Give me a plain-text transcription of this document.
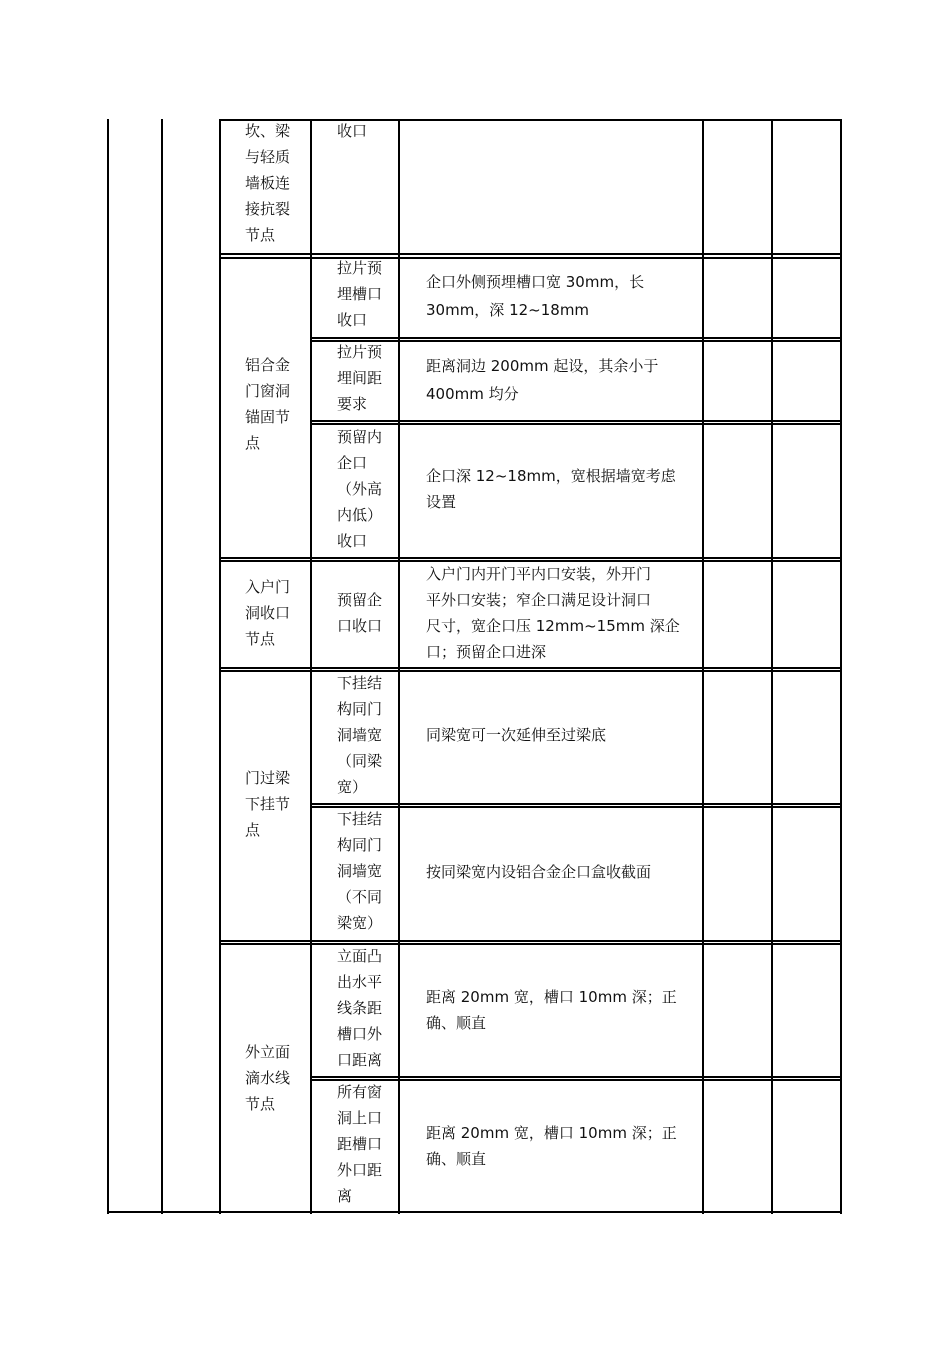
坎、梁
与轻质
墙板连
接抗裂
节点
收口
铝合金
门窗洞
锚固节
点
拉片预
埋槽口
收口
企口外侧预埋槽口宽 30mm，长
30mm，深 12~18mm
拉片预
埋间距
要求
距离洞边 200mm 起设，其余小于
400mm 均分
预留内
企口
（外高
内低）
收口
企口深 12~18mm，宽根据墙宽考虑
设置
入户门
洞收口
节点
预留企
口收口
入户门内开门平内口安装，外开门
平外口安装；窄企口满足设计洞口
尺寸，宽企口压 12mm~15mm 深企
口；预留企口进深
门过梁
下挂节
点
下挂结
构同门
洞墙宽
（同梁
宽）
同梁宽可一次延伸至过梁底
下挂结
构同门
洞墙宽
（不同
梁宽）
按同梁宽内设铝合金企口盒收截面
外立面
滴水线
节点
立面凸
出水平
线条距
槽口外
口距离
距离 20mm 宽，槽口 10mm 深；正
确、顺直
所有窗
洞上口
距槽口
外口距
离
距离 20mm 宽，槽口 10mm 深；正
确、顺直
